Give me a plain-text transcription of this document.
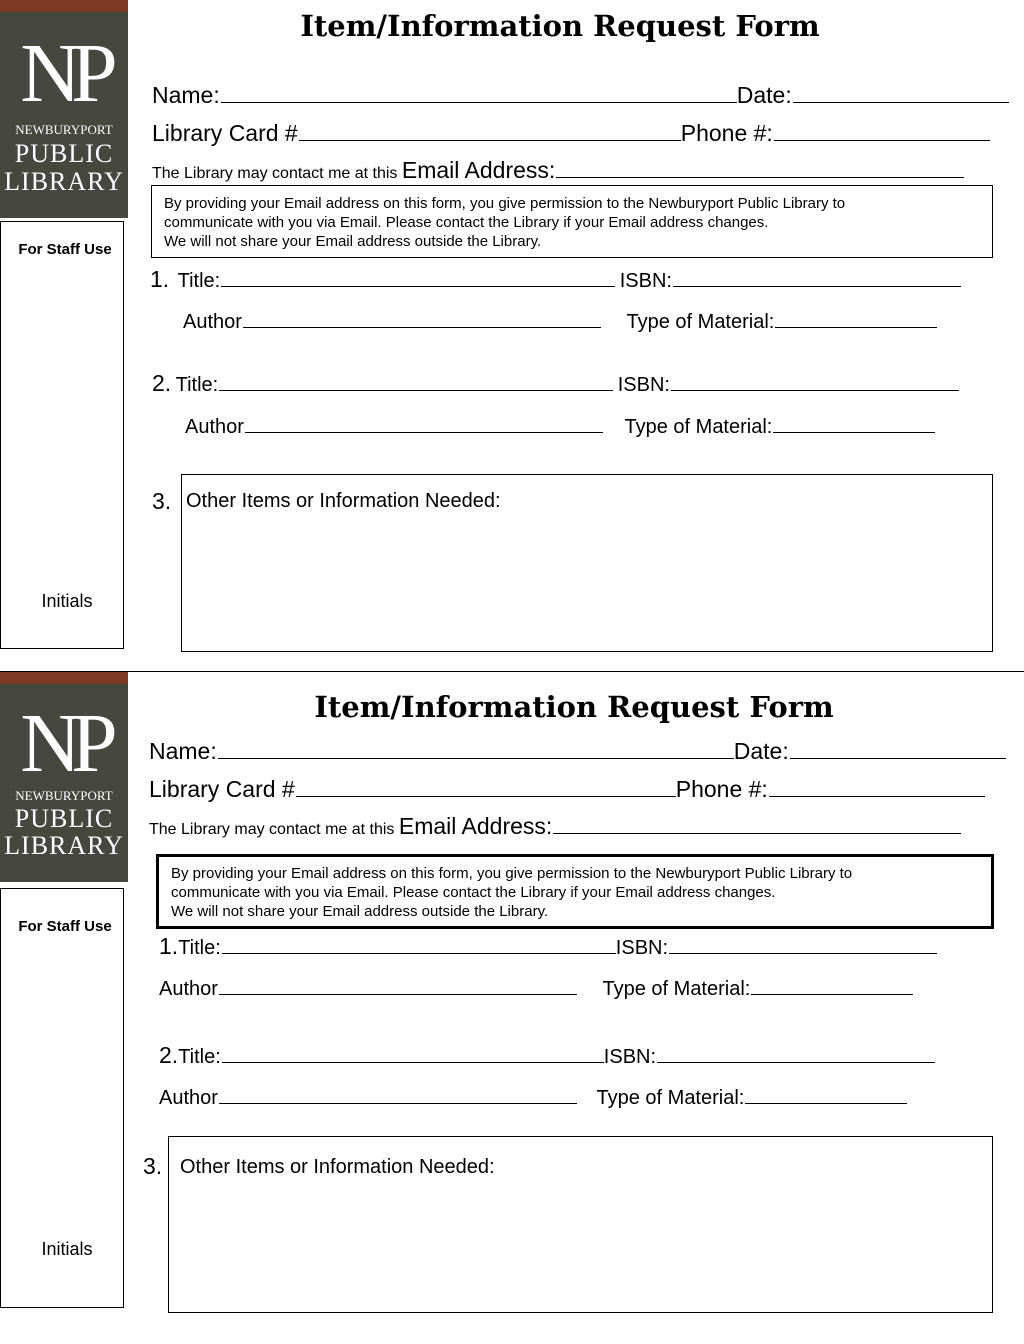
NP
NEWBURYPORT
PUBLIC
LIBRARY
For Staff Use
Initials
Item/Information Request Form
Name:	Date:
Library Card #	Phone #:
The Library may contact me at this Email Address:
By providing your Email address on this form, you give permission to the Newburyport Public Library to
communicate with you via Email. Please contact the Library if your Email address changes.
We will not share your Email address outside the Library.
1. Title:	ISBN:
Author	Type of Material:
2. Title:	ISBN:
Author	Type of Material:
3. Other Items or Information Needed:
NP
NEWBURYPORT
PUBLIC
LIBRARY
For Staff Use
Initials
Item/Information Request Form
Name:	Date:
Library Card #	Phone #:
The Library may contact me at this Email Address:
By providing your Email address on this form, you give permission to the Newburyport Public Library to
communicate with you via Email. Please contact the Library if your Email address changes.
We will not share your Email address outside the Library.
1.Title:	ISBN:
Author	Type of Material:
2.Title:	ISBN:
Author	Type of Material:
3. Other Items or Information Needed:
